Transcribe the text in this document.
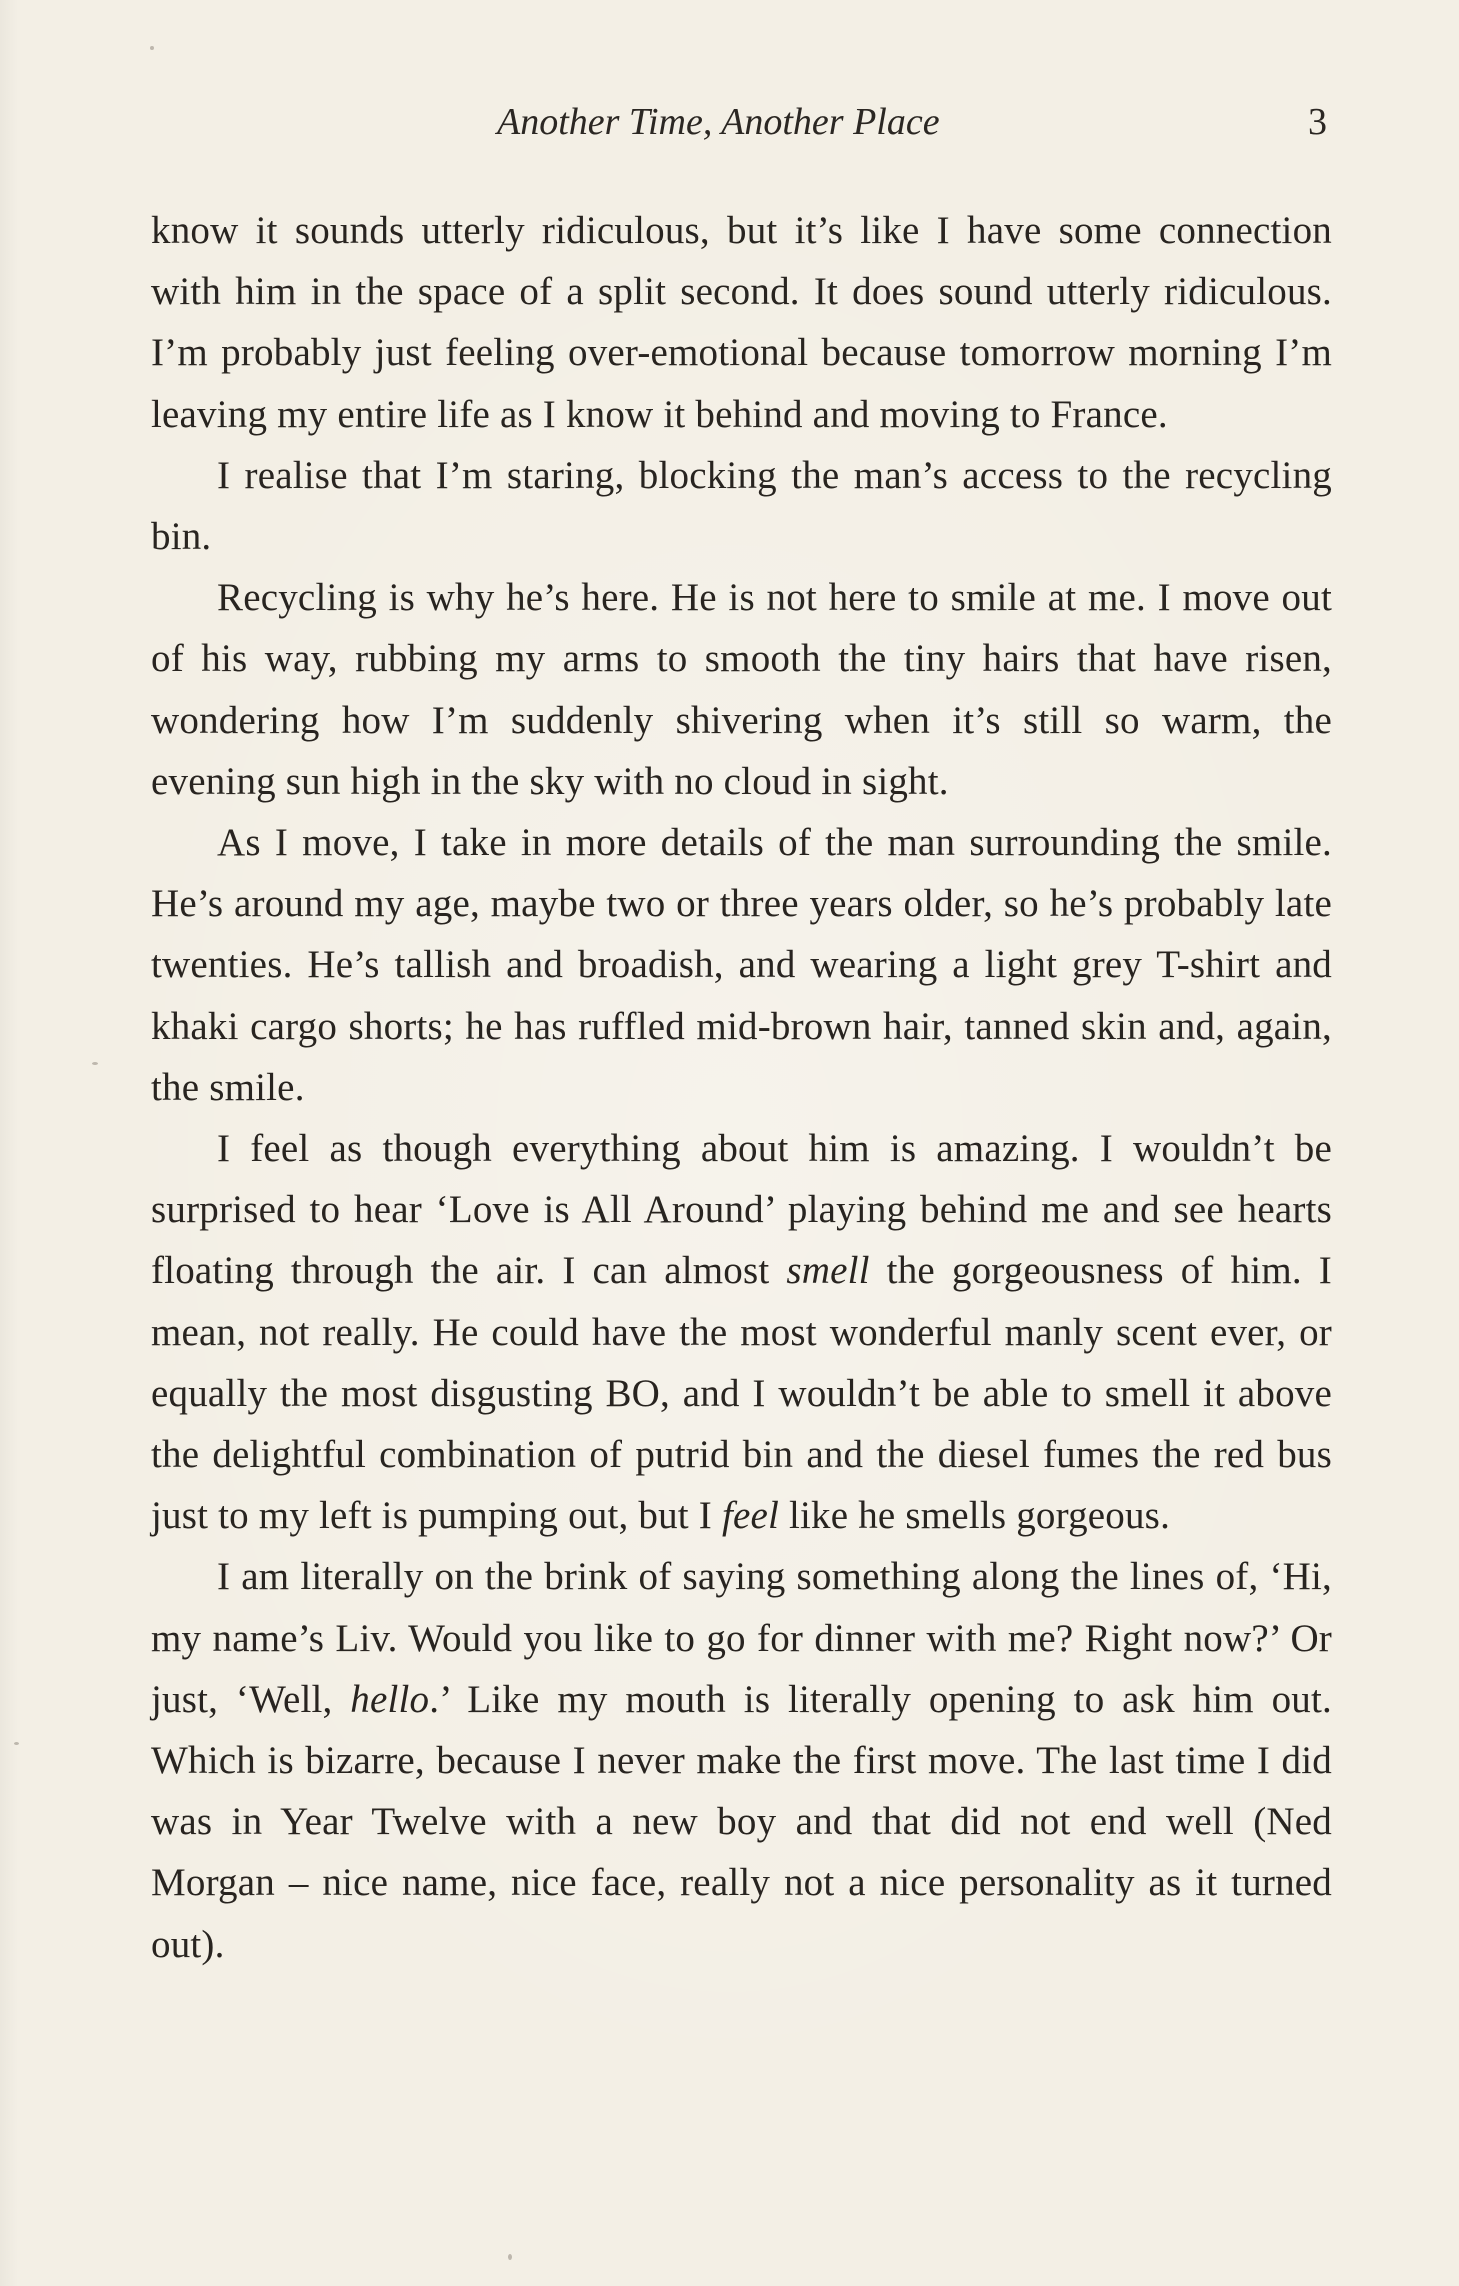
Another Time, Another Place	3

know it sounds utterly ridiculous, but it’s like I have some connection with him in the space of a split second. It does sound utterly ridiculous. I’m probably just feeling over-emotional because tomorrow morning I’m leaving my entire life as I know it behind and moving to France.

I realise that I’m staring, blocking the man’s access to the recycling bin.

Recycling is why he’s here. He is not here to smile at me. I move out of his way, rubbing my arms to smooth the tiny hairs that have risen, wondering how I’m suddenly shivering when it’s still so warm, the evening sun high in the sky with no cloud in sight.

As I move, I take in more details of the man surrounding the smile. He’s around my age, maybe two or three years older, so he’s probably late twenties. He’s tallish and broadish, and wearing a light grey T-shirt and khaki cargo shorts; he has ruffled mid-brown hair, tanned skin and, again, the smile.

I feel as though everything about him is amazing. I wouldn’t be surprised to hear ‘Love is All Around’ playing behind me and see hearts floating through the air. I can almost smell the gorgeousness of him. I mean, not really. He could have the most wonderful manly scent ever, or equally the most disgusting BO, and I wouldn’t be able to smell it above the delightful combination of putrid bin and the diesel fumes the red bus just to my left is pumping out, but I feel like he smells gorgeous.

I am literally on the brink of saying something along the lines of, ‘Hi, my name’s Liv. Would you like to go for dinner with me? Right now?’ Or just, ‘Well, hello.’ Like my mouth is literally opening to ask him out. Which is bizarre, because I never make the first move. The last time I did was in Year Twelve with a new boy and that did not end well (Ned Morgan – nice name, nice face, really not a nice personality as it turned out).
